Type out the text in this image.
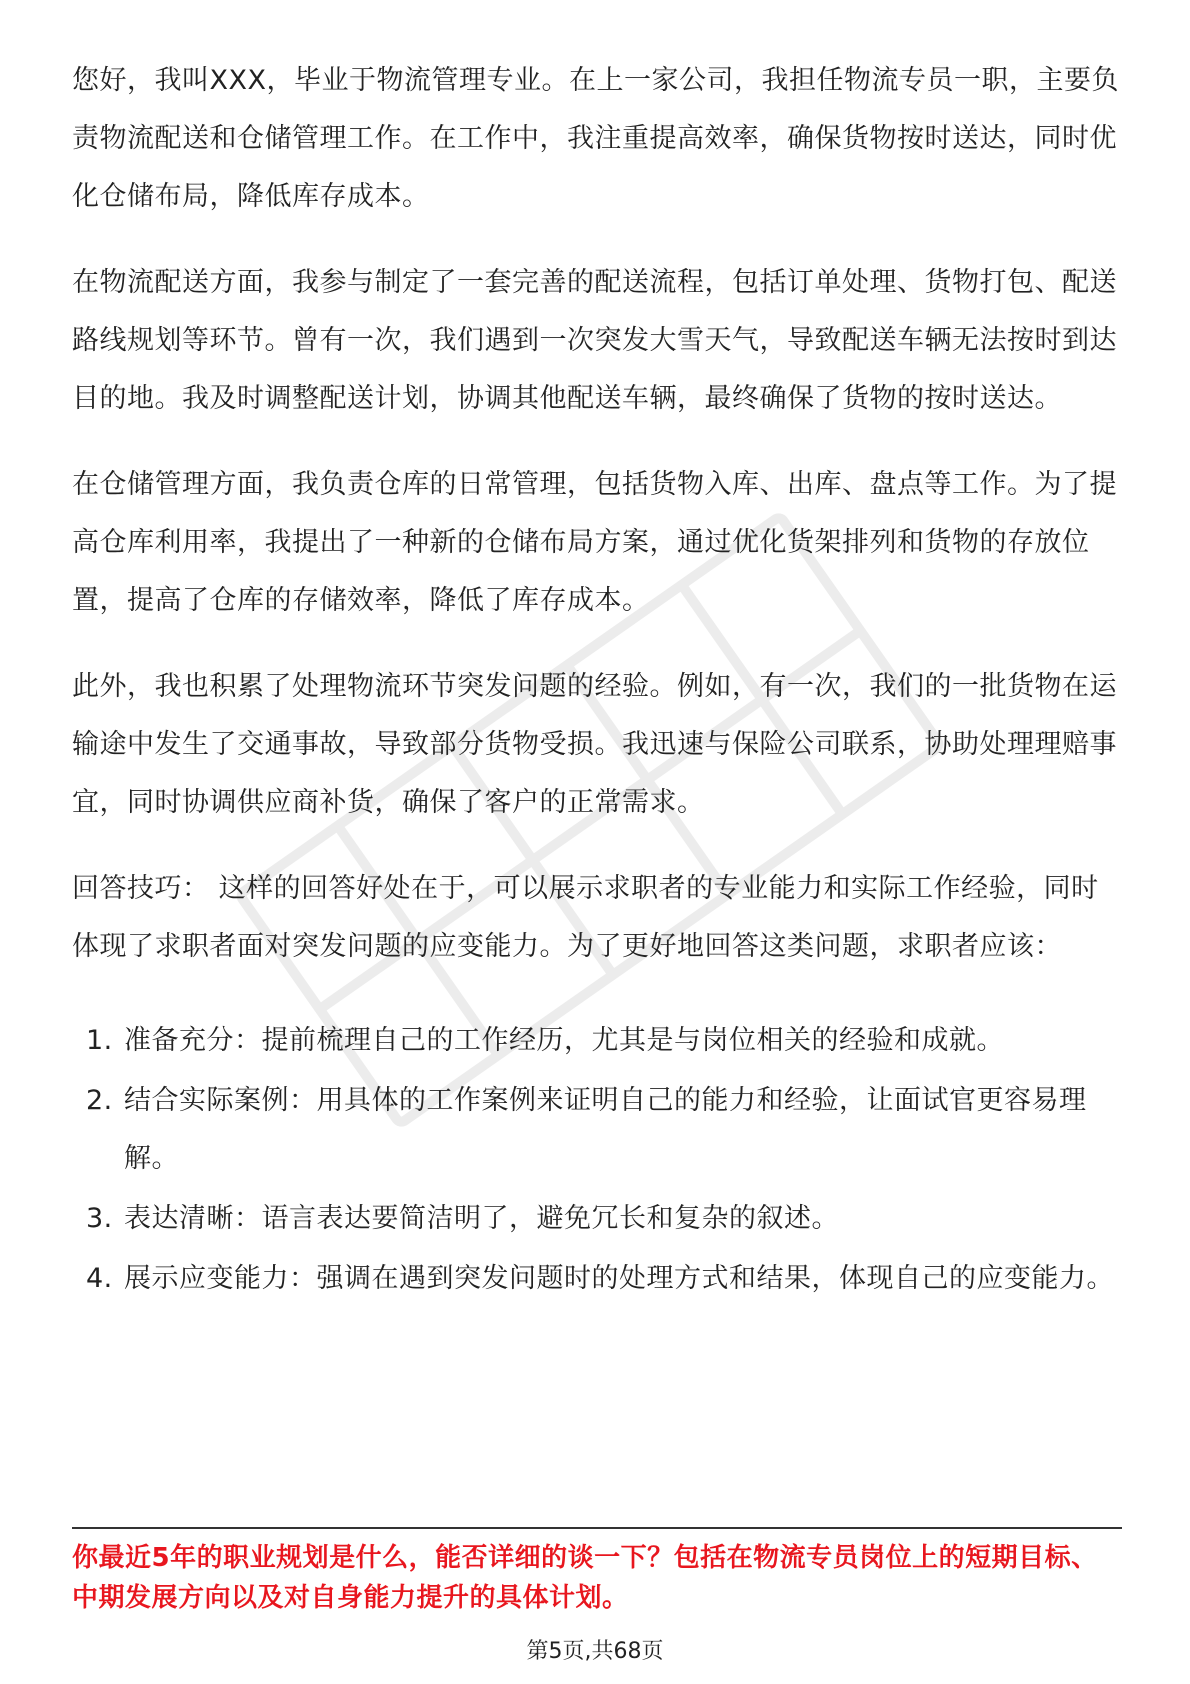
您好，我叫XXX，毕业于物流管理专业。在上一家公司，我担任物流专员一职，主要负责物流配送和仓储管理工作。在工作中，我注重提高效率，确保货物按时送达，同时优化仓储布局，降低库存成本。

在物流配送方面，我参与制定了一套完善的配送流程，包括订单处理、货物打包、配送路线规划等环节。曾有一次，我们遇到一次突发大雪天气，导致配送车辆无法按时到达目的地。我及时调整配送计划，协调其他配送车辆，最终确保了货物的按时送达。

在仓储管理方面，我负责仓库的日常管理，包括货物入库、出库、盘点等工作。为了提高仓库利用率，我提出了一种新的仓储布局方案，通过优化货架排列和货物的存放位置，提高了仓库的存储效率，降低了库存成本。

此外，我也积累了处理物流环节突发问题的经验。例如，有一次，我们的一批货物在运输途中发生了交通事故，导致部分货物受损。我迅速与保险公司联系，协助处理理赔事宜，同时协调供应商补货，确保了客户的正常需求。

回答技巧： 这样的回答好处在于，可以展示求职者的专业能力和实际工作经验，同时体现了求职者面对突发问题的应变能力。为了更好地回答这类问题，求职者应该：

1. 准备充分：提前梳理自己的工作经历，尤其是与岗位相关的经验和成就。
2. 结合实际案例：用具体的工作案例来证明自己的能力和经验，让面试官更容易理解。
3. 表达清晰：语言表达要简洁明了，避免冗长和复杂的叙述。
4. 展示应变能力：强调在遇到突发问题时的处理方式和结果，体现自己的应变能力。
你最近5年的职业规划是什么，能否详细的谈一下？包括在物流专员岗位上的短期目标、中期发展方向以及对自身能力提升的具体计划。
第5页,共68页
